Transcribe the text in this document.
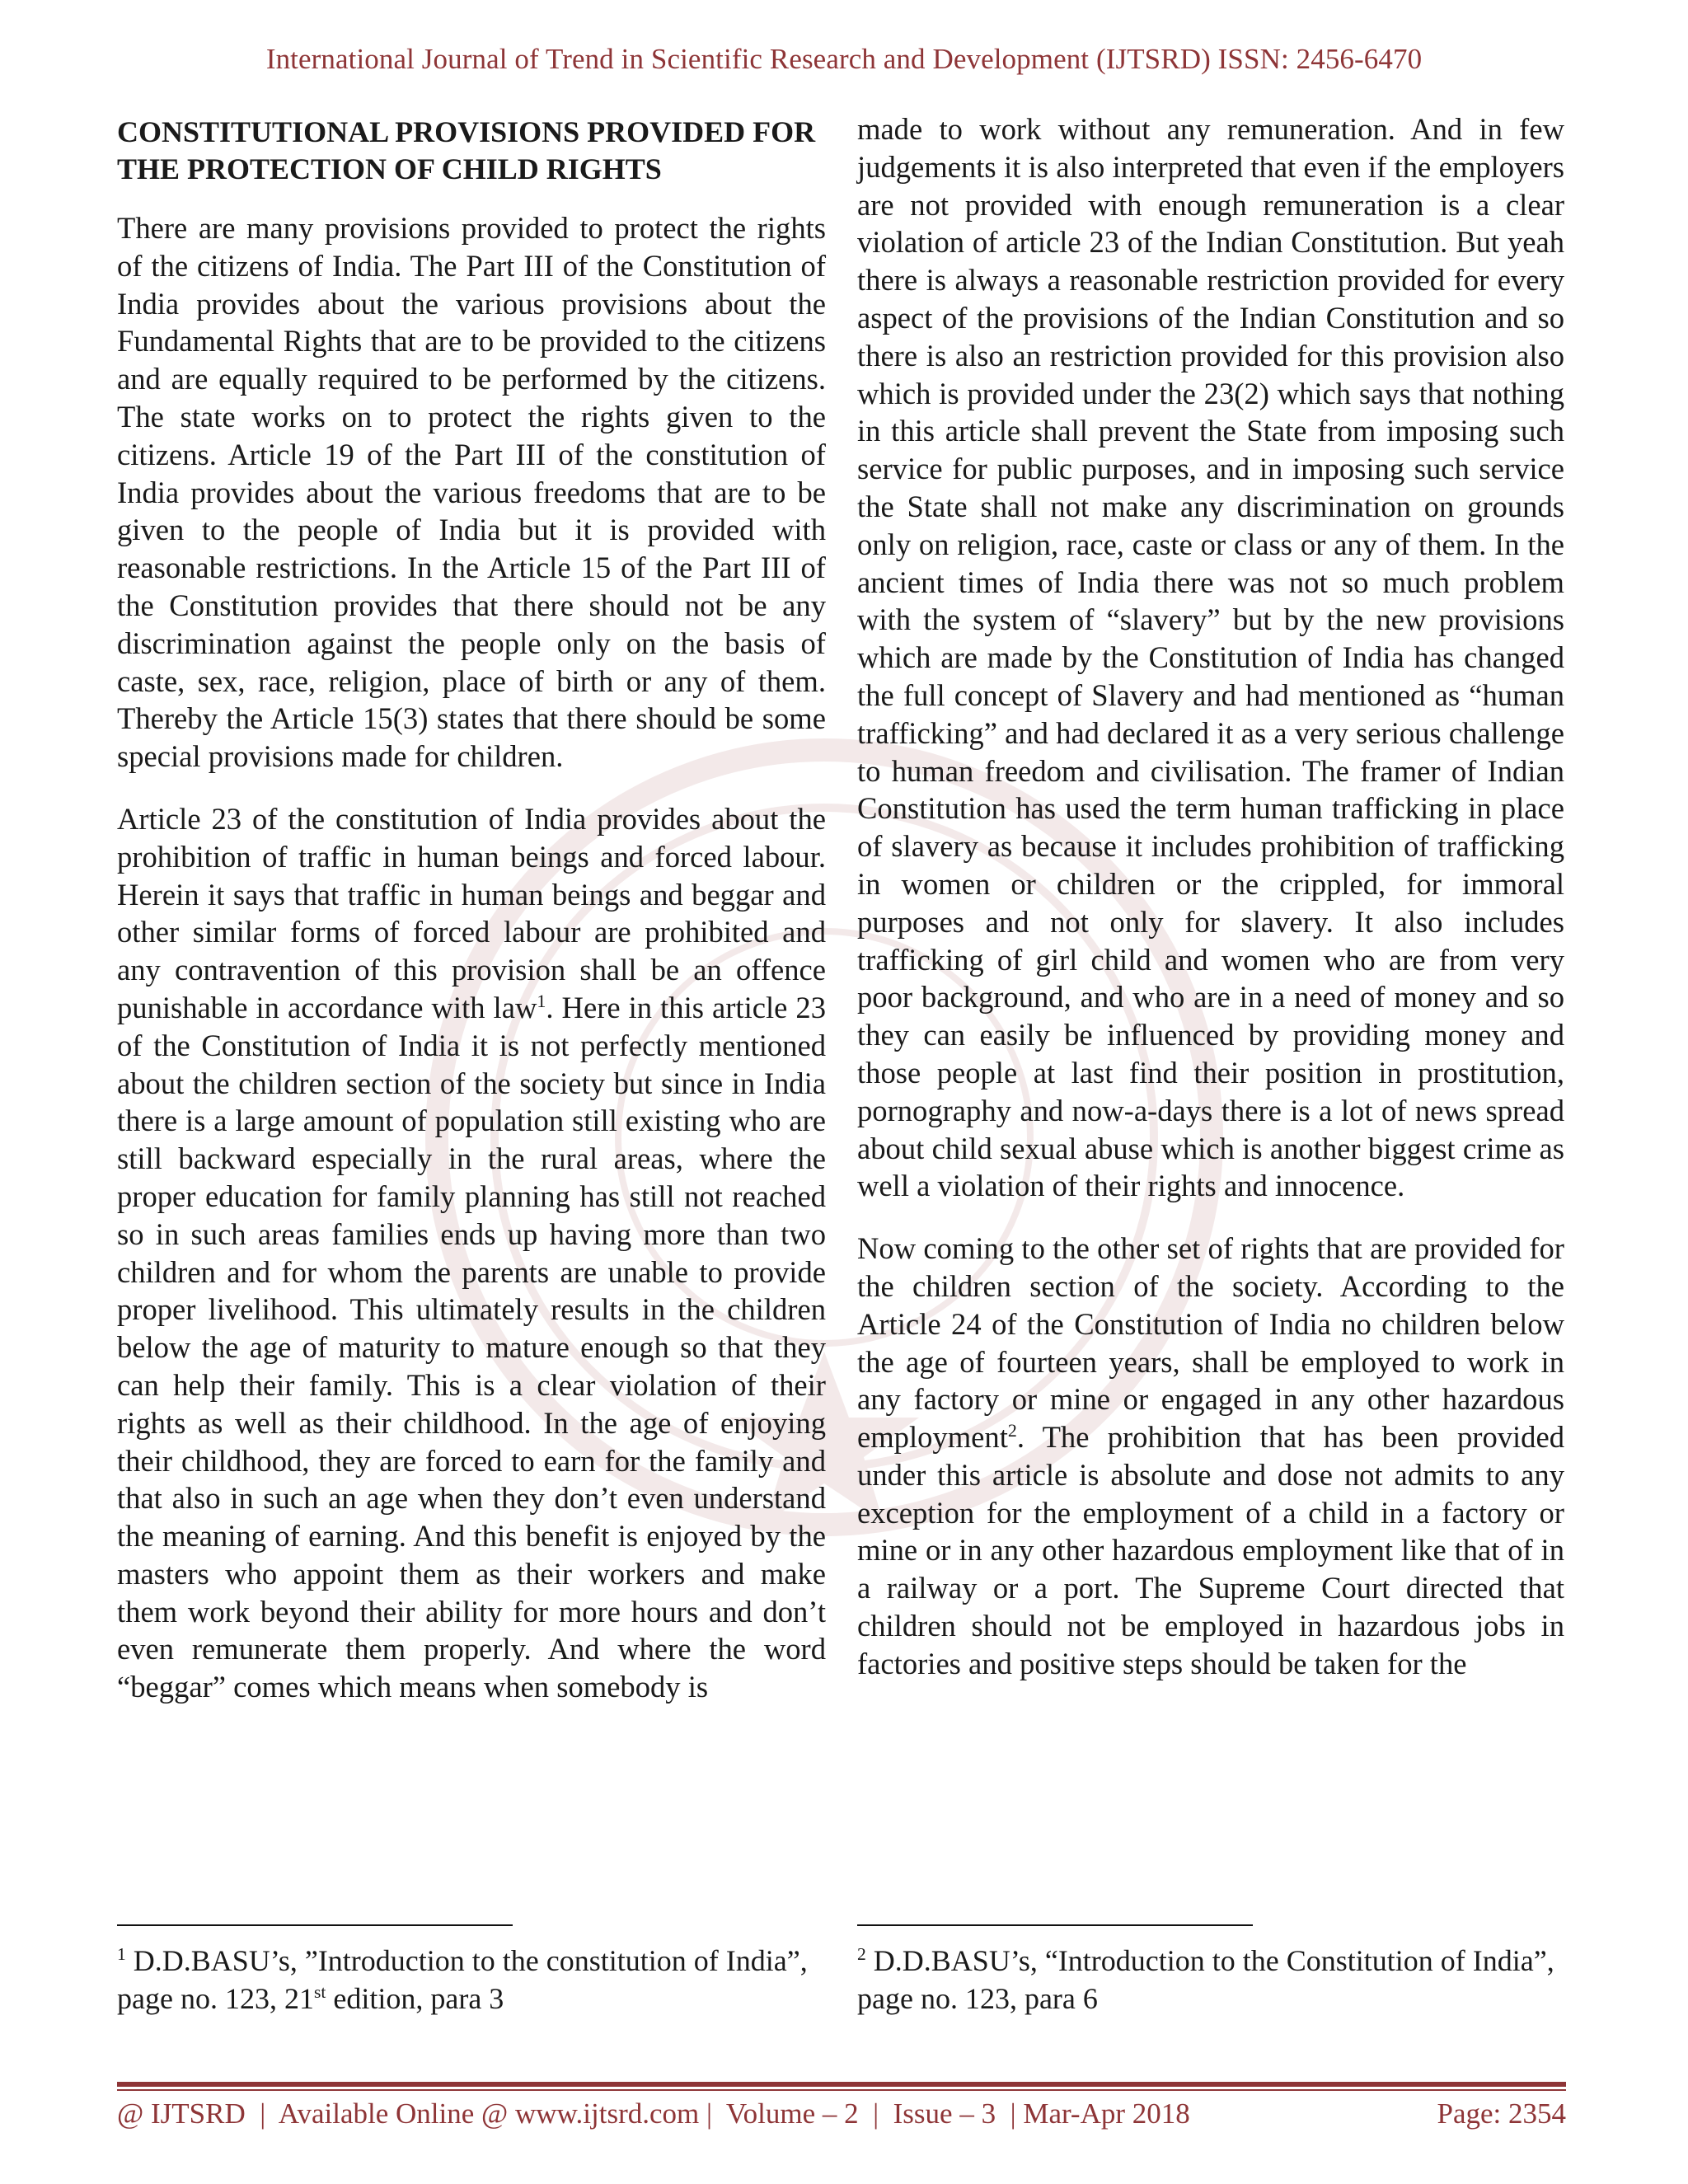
International Journal of Trend in Scientific Research and Development (IJTSRD) ISSN: 2456-6470
CONSTITUTIONAL PROVISIONS PROVIDED FOR THE PROTECTION OF CHILD RIGHTS

There are many provisions provided to protect the rights of the citizens of India. The Part III of the Constitution of India provides about the various provisions about the Fundamental Rights that are to be provided to the citizens and are equally required to be performed by the citizens. The state works on to protect the rights given to the citizens. Article 19 of the Part III of the constitution of India provides about the various freedoms that are to be given to the people of India but it is provided with reasonable restrictions. In the Article 15 of the Part III of the Constitution provides that there should not be any discrimination against the people only on the basis of caste, sex, race, religion, place of birth or any of them. Thereby the Article 15(3) states that there should be some special provisions made for children.

Article 23 of the constitution of India provides about the prohibition of traffic in human beings and forced labour. Herein it says that traffic in human beings and beggar and other similar forms of forced labour are prohibited and any contravention of this provision shall be an offence punishable in accordance with law$^1$. Here in this article 23 of the Constitution of India it is not perfectly mentioned about the children section of the society but since in India there is a large amount of population still existing who are still backward especially in the rural areas, where the proper education for family planning has still not reached so in such areas families ends up having more than two children and for whom the parents are unable to provide proper livelihood. This ultimately results in the children below the age of maturity to mature enough so that they can help their family. This is a clear violation of their rights as well as their childhood. In the age of enjoying their childhood, they are forced to earn for the family and that also in such an age when they don’t even understand the meaning of earning. And this benefit is enjoyed by the masters who appoint them as their workers and make them work beyond their ability for more hours and don’t even remunerate them properly. And where the word “beggar” comes which means when somebody is

made to work without any remuneration. And in few judgements it is also interpreted that even if the employers are not provided with enough remuneration is a clear violation of article 23 of the Indian Constitution. But yeah there is always a reasonable restriction provided for every aspect of the provisions of the Indian Constitution and so there is also an restriction provided for this provision also which is provided under the 23(2) which says that nothing in this article shall prevent the State from imposing such service for public purposes, and in imposing such service the State shall not make any discrimination on grounds only on religion, race, caste or class or any of them. In the ancient times of India there was not so much problem with the system of “slavery” but by the new provisions which are made by the Constitution of India has changed the full concept of Slavery and had mentioned as “human trafficking” and had declared it as a very serious challenge to human freedom and civilisation. The framer of Indian Constitution has used the term human trafficking in place of slavery as because it includes prohibition of trafficking in women or children or the crippled, for immoral purposes and not only for slavery. It also includes trafficking of girl child and women who are from very poor background, and who are in a need of money and so they can easily be influenced by providing money and those people at last find their position in prostitution, pornography and now-a-days there is a lot of news spread about child sexual abuse which is another biggest crime as well a violation of their rights and innocence.

Now coming to the other set of rights that are provided for the children section of the society. According to the Article 24 of the Constitution of India no children below the age of fourteen years, shall be employed to work in any factory or mine or engaged in any other hazardous employment$^2$. The prohibition that has been provided under this article is absolute and dose not admits to any exception for the employment of a child in a factory or mine or in any other hazardous employment like that of in a railway or a port. The Supreme Court directed that children should not be employed in hazardous jobs in factories and positive steps should be taken for the

$^1$ D.D.BASU’s, ”Introduction to the constitution of India”, page no. 123, 21st edition, para 3
$^2$ D.D.BASU’s, “Introduction to the Constitution of India”, page no. 123, para 6
@ IJTSRD  |  Available Online @ www.ijtsrd.com |  Volume – 2  |  Issue – 3  | Mar-Apr 2018	Page: 2354
